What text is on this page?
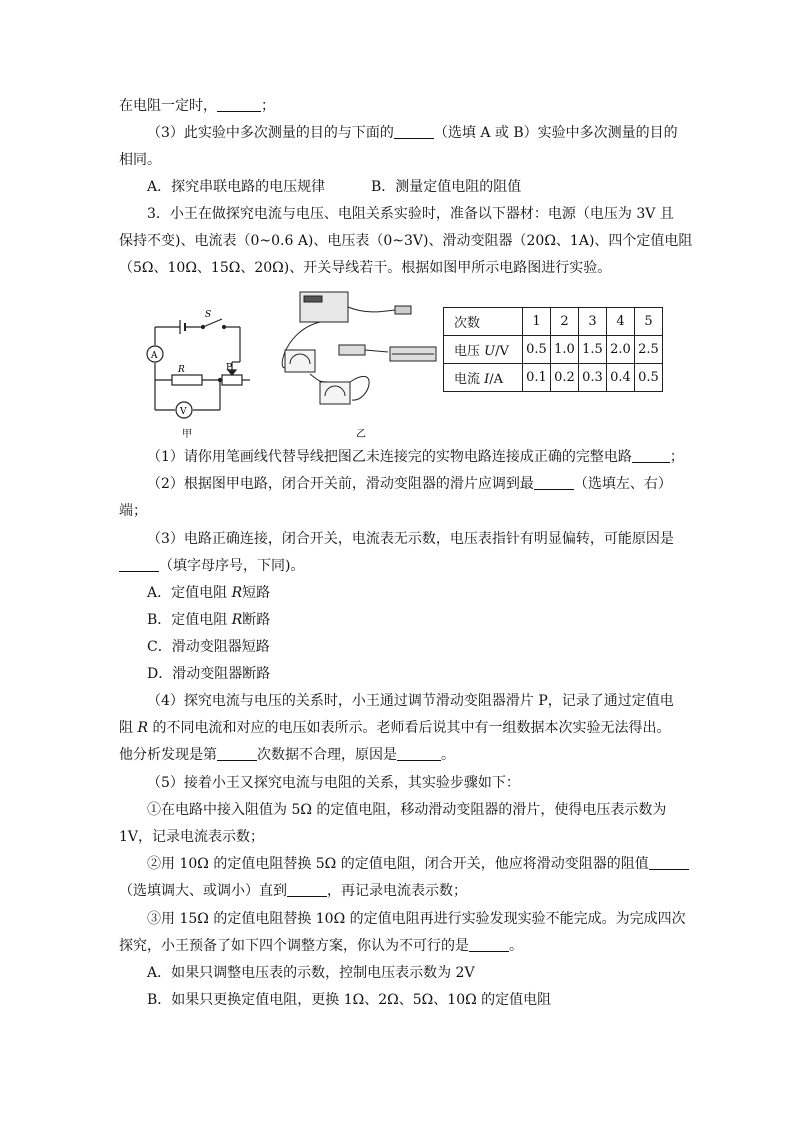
在电阻一定时，	；
（3）此实验中多次测量的目的与下面的	（选填 A 或 B）实验中多次测量的目的
相同。
A．探究串联电路的电压规律	B．测量定值电阻的阻值
3．小王在做探究电流与电压、电阻关系实验时，准备以下器材：电源（电压为 3V 且
保持不变)、电流表（0~0.6 A)、电压表（0~3V)、滑动变阻器（20Ω、1A)、四个定值电阻
（5Ω、10Ω、15Ω、20Ω)、开关导线若干。根据如图甲所示电路图进行实验。
S
R	P
A
V
甲	乙
次数	1	2	3	4	5
电压 U/V	0.5	1.0	1.5	2.0	2.5
电流 I/A	0.1	0.2	0.3	0.4	0.5
（1）请你用笔画线代替导线把图乙未连接完的实物电路连接成正确的完整电路	；
（2）根据图甲电路，闭合开关前，滑动变阻器的滑片应调到最	（选填左、右）
端；
（3）电路正确连接，闭合开关，电流表无示数，电压表指针有明显偏转，可能原因是
（填字母序号，下同)。
A．定值电阻 R短路
B．定值电阻 R断路
C．滑动变阻器短路
D．滑动变阻器断路
（4）探究电流与电压的关系时，小王通过调节滑动变阻器滑片 P，记录了通过定值电
阻 R 的不同电流和对应的电压如表所示。老师看后说其中有一组数据本次实验无法得出。
他分析发现是第	次数据不合理，原因是	。
（5）接着小王又探究电流与电阻的关系，其实验步骤如下：
①在电路中接入阻值为 5Ω 的定值电阻，移动滑动变阻器的滑片，使得电压表示数为
1V，记录电流表示数；
②用 10Ω 的定值电阻替换 5Ω 的定值电阻，闭合开关，他应将滑动变阻器的阻值
（选填调大、或调小）直到	，再记录电流表示数；
③用 15Ω 的定值电阻替换 10Ω 的定值电阻再进行实验发现实验不能完成。为完成四次
探究，小王预备了如下四个调整方案，你认为不可行的是	。
A．如果只调整电压表的示数，控制电压表示数为 2V
B．如果只更换定值电阻，更换 1Ω、2Ω、5Ω、10Ω 的定值电阻
